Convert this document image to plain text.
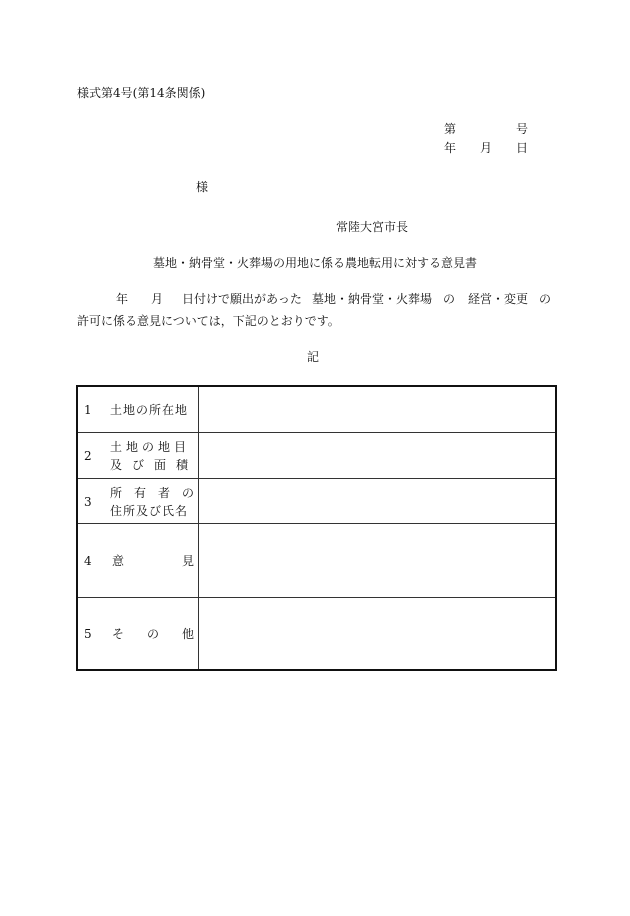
様式第4号(第14条関係)
第	号
年 月 日
様
常陸大宮市長
墓地・納骨堂・火葬場の用地に係る農地転用に対する意見書
年 月 日付けで願出があった 墓地・納骨堂・火葬場 の 経営・変更 の
許可に係る意見については，下記のとおりです。
記
1 土地の所在地
2
土地の地目
及び面積
3
所有者の
住所及び氏名
4 意	見
5 そ の 他
